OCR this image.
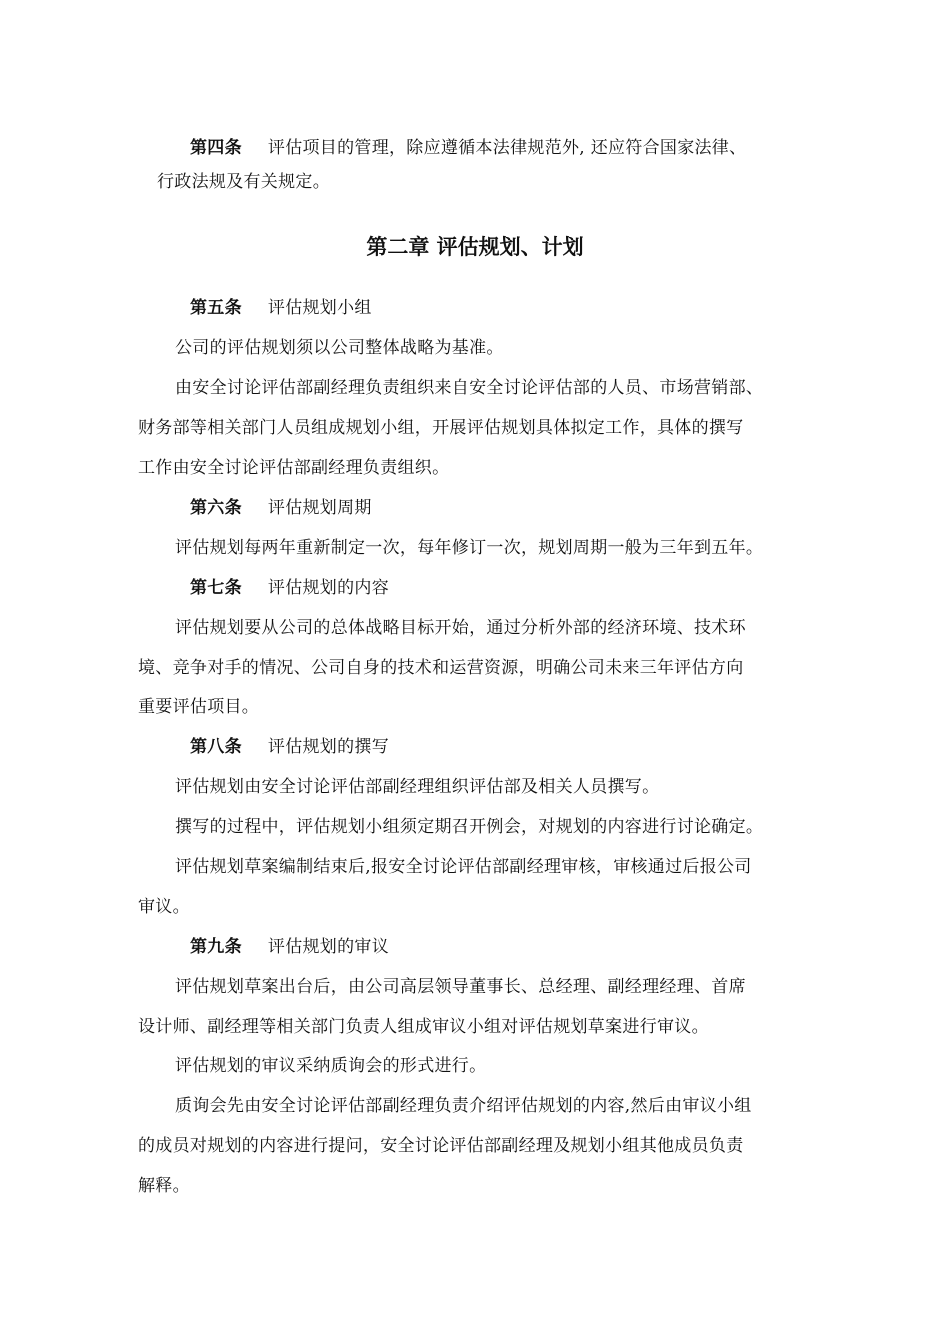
第四条 评估项目的管理，除应遵循本法律规范外, 还应符合国家法律、
行政法规及有关规定。
第二章 评估规划、计划
第五条 评估规划小组
公司的评估规划须以公司整体战略为基准。
由安全讨论评估部副经理负责组织来自安全讨论评估部的人员、市场营销部、
财务部等相关部门人员组成规划小组，开展评估规划具体拟定工作，具体的撰写
工作由安全讨论评估部副经理负责组织。
第六条 评估规划周期
评估规划每两年重新制定一次，每年修订一次，规划周期一般为三年到五年。
第七条 评估规划的内容
评估规划要从公司的总体战略目标开始，通过分析外部的经济环境、技术环
境、竞争对手的情况、公司自身的技术和运营资源，明确公司未来三年评估方向
重要评估项目。
第八条 评估规划的撰写
评估规划由安全讨论评估部副经理组织评估部及相关人员撰写。
撰写的过程中，评估规划小组须定期召开例会，对规划的内容进行讨论确定。
评估规划草案编制结束后,报安全讨论评估部副经理审核，审核通过后报公司
审议。
第九条 评估规划的审议
评估规划草案出台后，由公司高层领导董事长、总经理、副经理经理、首席
设计师、副经理等相关部门负责人组成审议小组对评估规划草案进行审议。
评估规划的审议采纳质询会的形式进行。
质询会先由安全讨论评估部副经理负责介绍评估规划的内容,然后由审议小组
的成员对规划的内容进行提问，安全讨论评估部副经理及规划小组其他成员负责
解释。
